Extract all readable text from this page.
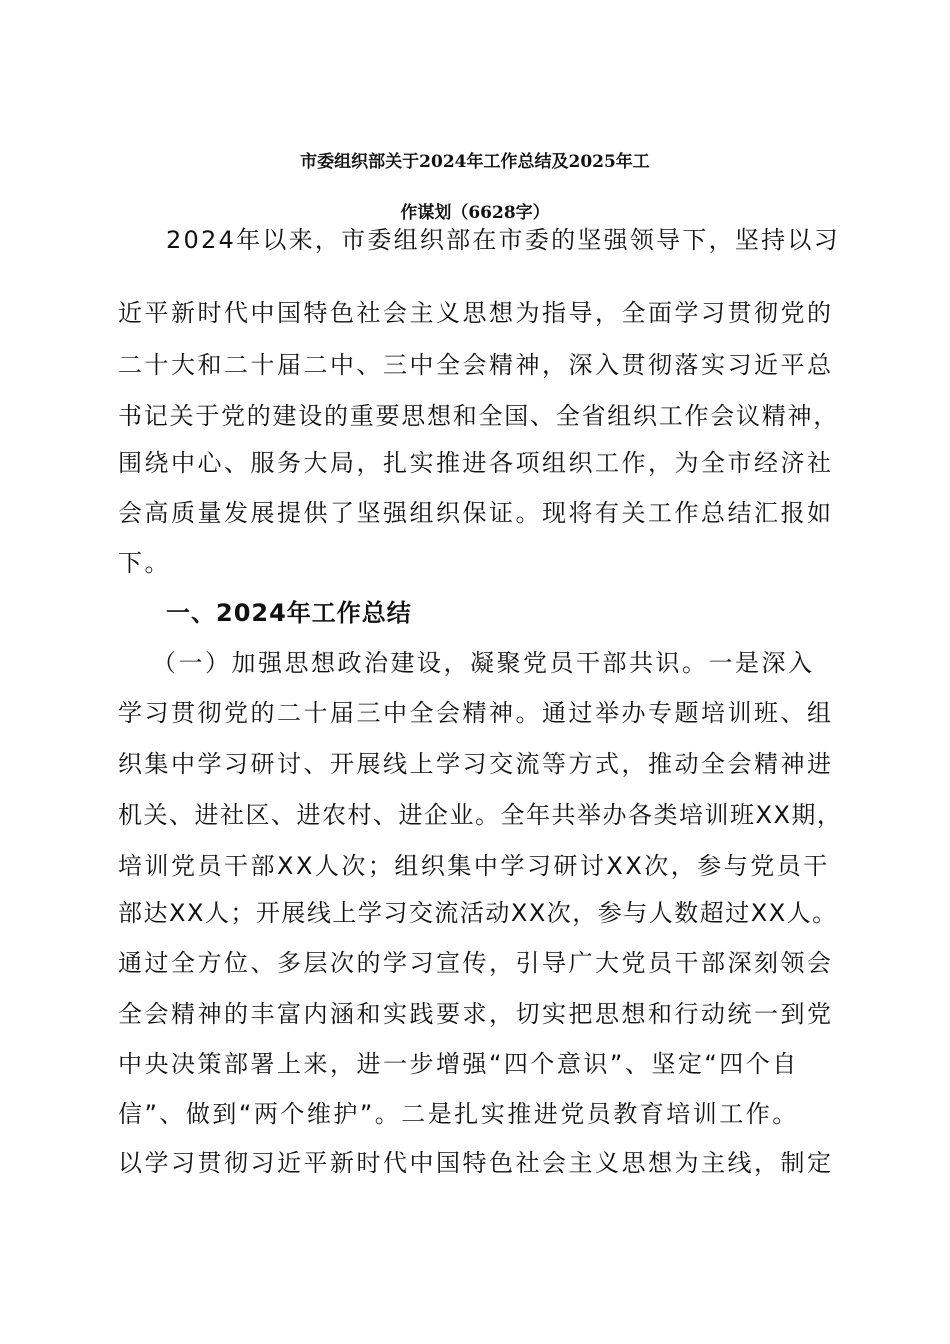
市委组织部关于2024年工作总结及2025年工
作谋划（6628字）
2024年以来，市委组织部在市委的坚强领导下，坚持以习
近平新时代中国特色社会主义思想为指导，全面学习贯彻党的
二十大和二十届二中、三中全会精神，深入贯彻落实习近平总
书记关于党的建设的重要思想和全国、全省组织工作会议精神，
围绕中心、服务大局，扎实推进各项组织工作，为全市经济社
会高质量发展提供了坚强组织保证。现将有关工作总结汇报如
下。
一、2024年工作总结
（一）加强思想政治建设，凝聚党员干部共识。一是深入
学习贯彻党的二十届三中全会精神。通过举办专题培训班、组
织集中学习研讨、开展线上学习交流等方式，推动全会精神进
机关、进社区、进农村、进企业。全年共举办各类培训班XX期，
培训党员干部XX人次；组织集中学习研讨XX次，参与党员干
部达XX人；开展线上学习交流活动XX次，参与人数超过XX人。
通过全方位、多层次的学习宣传，引导广大党员干部深刻领会
全会精神的丰富内涵和实践要求，切实把思想和行动统一到党
中央决策部署上来，进一步增强“四个意识”、坚定“四个自
信”、做到“两个维护”。二是扎实推进党员教育培训工作。
以学习贯彻习近平新时代中国特色社会主义思想为主线，制定
